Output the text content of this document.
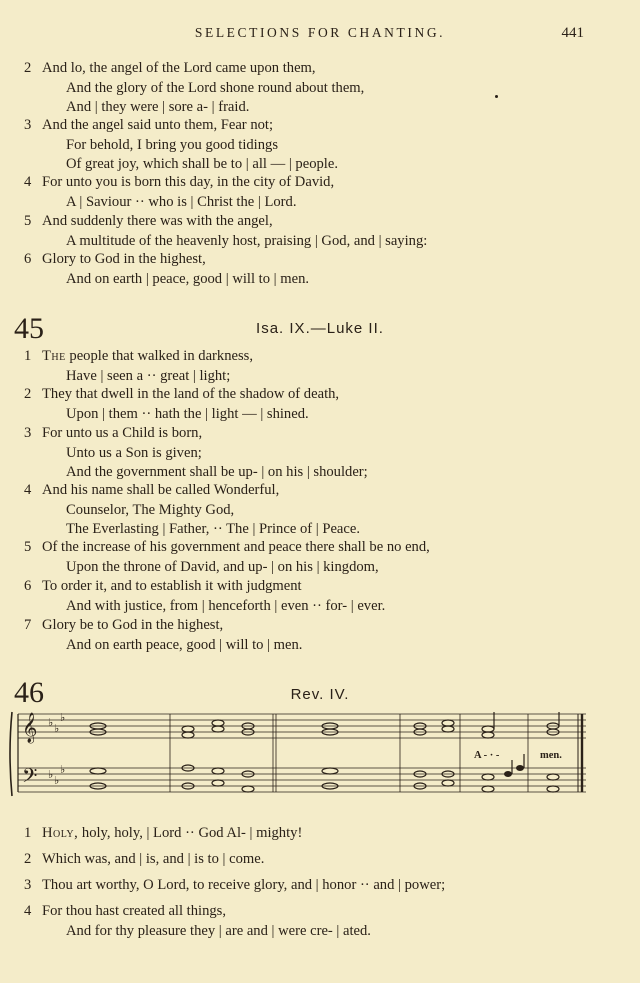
SELECTIONS FOR CHANTING.	441
2 And lo, the angel of the Lord came upon them,
And the glory of the Lord shone round about them,
And | they were | sore a- | fraid.
3 And the angel said unto them, Fear not;
For behold, I bring you good tidings
Of great joy, which shall be to | all — | people.
4 For unto you is born this day, in the city of David,
A | Saviour ·· who is | Christ the | Lord.
5 And suddenly there was with the angel,
A multitude of the heavenly host, praising | God, and | saying:
6 Glory to God in the highest,
And on earth | peace, good | will to | men.
45	Isa. IX.—Luke II.
1 The people that walked in darkness,
Have | seen a ·· great | light;
2 They that dwell in the land of the shadow of death,
Upon | them ·· hath the | light — | shined.
3 For unto us a Child is born,
Unto us a Son is given;
And the government shall be up- | on his | shoulder;
4 And his name shall be called Wonderful,
Counselor, The Mighty God,
The Everlasting | Father, ·· The | Prince of | Peace.
5 Of the increase of his government and peace there shall be no end,
Upon the throne of David, and up- | on his | kingdom,
6 To order it, and to establish it with judgment
And with justice, from | henceforth | even ·· for- | ever.
7 Glory be to God in the highest,
And on earth peace, good | will to | men.
46	Rev. IV.
𝄞
𝄢
♭ ♭
♭
♭ ♭
♭
A - · -	men.
1 Holy, holy, holy, | Lord ·· God Al- | mighty!
2 Which was, and | is, and | is to | come.
3 Thou art worthy, O Lord, to receive glory, and | honor ·· and | power;
4 For thou hast created all things,
And for thy pleasure they | are and | were cre- | ated.
